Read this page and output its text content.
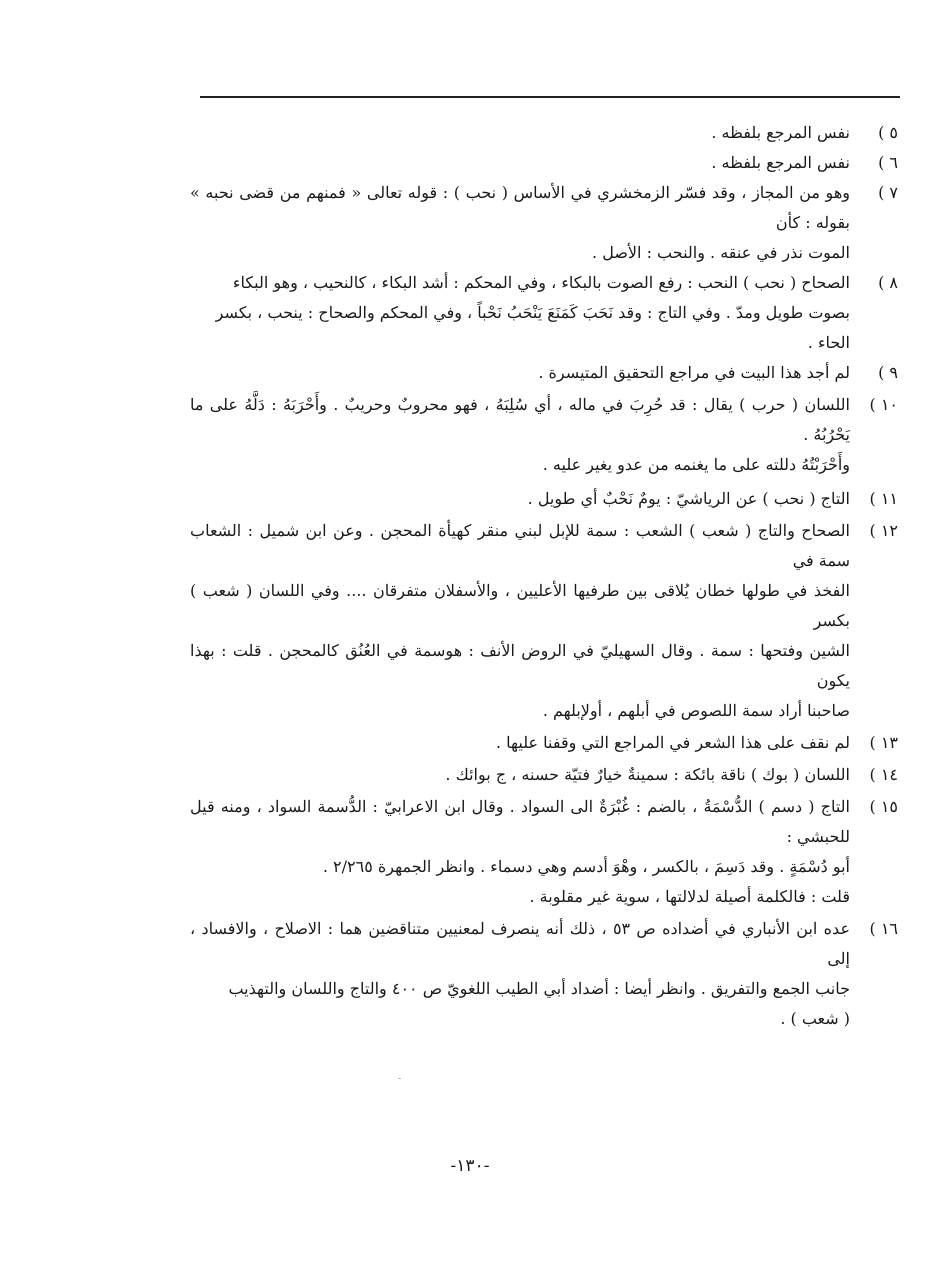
٥ )
نفس المرجع بلفظه .
٦ )
نفس المرجع بلفظه .
٧ )
وهو من المجاز ، وقد فسّر الزمخشري في الأساس ( نحب ) : قوله تعالى « فمنهم من قضى نحبه » بقوله : كأن
الموت نذر في عنقه . والنحب : الأصل .
٨ )
الصحاح ( نحب ) النحب : رفع الصوت بالبكاء ، وفي المحكم : أشد البكاء ، كالنحيب ، وهو البكاء
بصوت طويل ومدّ . وفي التاج : وقد نَحَبَ كَمَنَعَ يَنْحَبُ نَحْباً ، وفي المحكم والصحاح : ينحب ، بكسر
الحاء .
٩ )
لم أجد هذا البيت في مراجع التحقيق المتيسرة .
١٠ )
اللسان ( حرب ) يقال : قد حُرِبَ في ماله ، أي سُلِبَهُ ، فهو محروبٌ وحريبٌ . وأَحْرَبَهُ : دَلَّهُ على ما يَحْرُبُهُ .
وأَحْرَبْتُهُ دللته على ما يغنمه من عدو يغير عليه .
١١ )
التاج ( نحب ) عن الرياشيّ : يومٌ نَحْبٌ أي طويل .
١٢ )
الصحاح والتاج ( شعب ) الشعب : سمة للإبل لبني منقر كهيأة المحجن . وعن ابن شميل : الشعاب سمة في
الفخذ في طولها خطان يُلاقى بين طرفيها الأعليين ، والأسفلان متفرقان .... وفي اللسان ( شعب ) بكسر
الشين وفتحها : سمة . وقال السهيليّ في الروض الأنف : هوسمة في العُنُق كالمحجن . قلت : بهذا يكون
صاحبنا أراد سمة اللصوص في أبلهم ، أولإبلهم .
١٣ )
لم نقف على هذا الشعر في المراجع التي وقفنا عليها .
١٤ )
اللسان ( بوك ) ناقة بائكة : سمينةٌ خيارٌ فتيّة حسنه ، ج بوائك .
١٥ )
التاج ( دسم ) الدُّسْمَةُ ، بالضم : غُبْرَةٌ الى السواد . وقال ابن الاعرابيّ : الدُّسمة السواد ، ومنه قيل للحبشي :
أبو دُسْمَةٍ . وقد دَسِمَ ، بالكسر ، وهْوَ أدسم وهي دسماء . وانظر الجمهرة ٢/٢٦٥ .
قلت : فالكلمة أصيلة لدلالتها ، سوية غير مقلوبة .
١٦ )
عده ابن الأنباري في أضداده ص ٥٣ ، ذلك أنه ينصرف لمعنيين متناقضين هما : الاصلاح ، والافساد ، إلى
جانب الجمع والتفريق . وانظر أيضا : أضداد أبي الطيب اللغويّ ص ٤٠٠ والتاج واللسان والتهذيب
( شعب ) .
-١٣٠-
